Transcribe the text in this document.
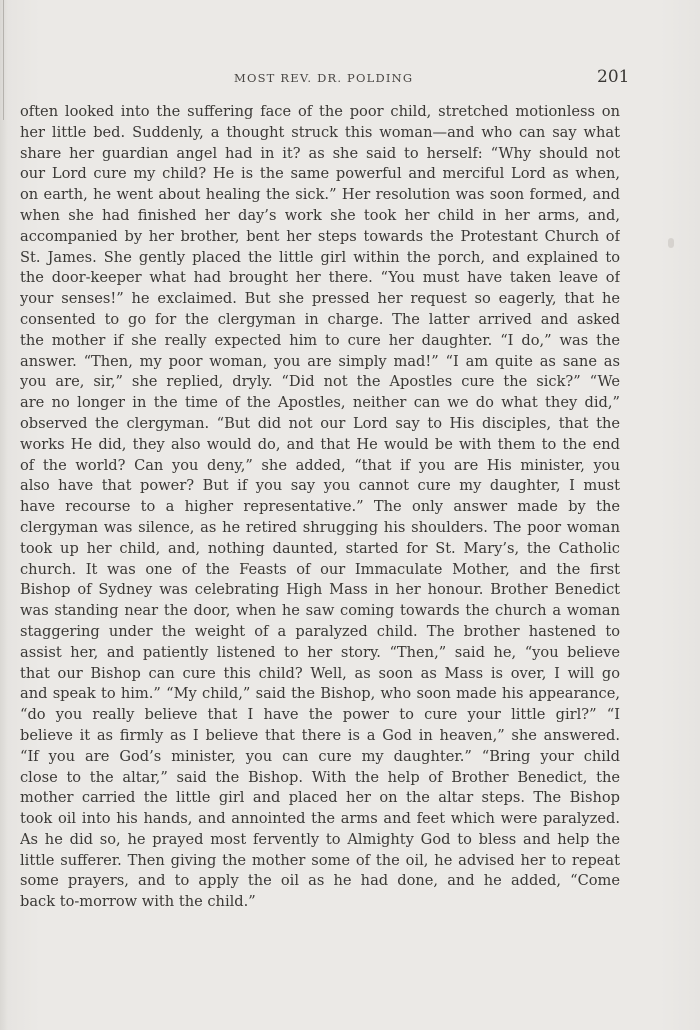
MOST REV. DR. POLDING	201
often looked into the suffering face of the poor child, stretched motionless on
her little bed. Suddenly, a thought struck this woman—and who can say what
share her guardian angel had in it? as she said to herself: “Why should not
our Lord cure my child? He is the same powerful and merciful Lord as when,
on earth, he went about healing the sick.” Her resolution was soon formed, and
when she had finished her day’s work she took her child in her arms, and,
accompanied by her brother, bent her steps towards the Protestant Church of
St. James. She gently placed the little girl within the porch, and explained to
the door-keeper what had brought her there. “You must have taken leave of
your senses!” he exclaimed. But she pressed her request so eagerly, that he
consented to go for the clergyman in charge. The latter arrived and asked
the mother if she really expected him to cure her daughter. “I do,” was the
answer. “Then, my poor woman, you are simply mad!” “I am quite as sane as
you are, sir,” she replied, dryly. “Did not the Apostles cure the sick?” “We
are no longer in the time of the Apostles, neither can we do what they did,”
observed the clergyman. “But did not our Lord say to His disciples, that the
works He did, they also would do, and that He would be with them to the end
of the world? Can you deny,” she added, “that if you are His minister, you
also have that power? But if you say you cannot cure my daughter, I must
have recourse to a higher representative.” The only answer made by the
clergyman was silence, as he retired shrugging his shoulders. The poor woman
took up her child, and, nothing daunted, started for St. Mary’s, the Catholic
church. It was one of the Feasts of our Immaculate Mother, and the first
Bishop of Sydney was celebrating High Mass in her honour. Brother Benedict
was standing near the door, when he saw coming towards the church a woman
staggering under the weight of a paralyzed child. The brother hastened to
assist her, and patiently listened to her story. “Then,” said he, “you believe
that our Bishop can cure this child? Well, as soon as Mass is over, I will go
and speak to him.” “My child,” said the Bishop, who soon made his appearance,
“do you really believe that I have the power to cure your little girl?” “I
believe it as firmly as I believe that there is a God in heaven,” she answered.
“If you are God’s minister, you can cure my daughter.” “Bring your child
close to the altar,” said the Bishop. With the help of Brother Benedict, the
mother carried the little girl and placed her on the altar steps. The Bishop
took oil into his hands, and annointed the arms and feet which were paralyzed.
As he did so, he prayed most fervently to Almighty God to bless and help the
little sufferer. Then giving the mother some of the oil, he advised her to repeat
some prayers, and to apply the oil as he had done, and he added, “Come
back to-morrow with the child.”
